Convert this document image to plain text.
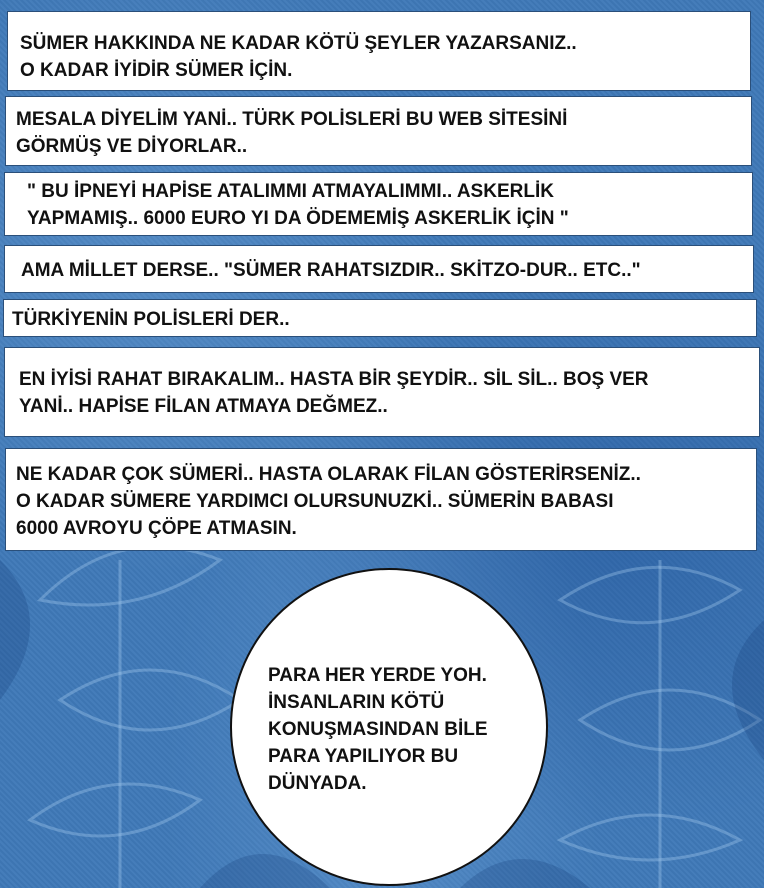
SÜMER HAKKINDA NE KADAR KÖTÜ ŞEYLER YAZARSANIZ..
O KADAR İYİDİR SÜMER İÇİN.
MESALA DİYELİM YANİ.. TÜRK POLİSLERİ BU WEB SİTESİNİ
GÖRMÜŞ VE DİYORLAR..
" BU İPNEYİ HAPİSE ATALIMMI ATMAYALIMMI.. ASKERLİK
YAPMAMIŞ.. 6000 EURO YI DA ÖDEMEMİŞ ASKERLİK İÇİN "
AMA MİLLET DERSE.. "SÜMER RAHATSIZDIR.. SKİTZO-DUR.. ETC.."
TÜRKİYENİN POLİSLERİ DER..
EN İYİSİ RAHAT BIRAKALIM.. HASTA BİR ŞEYDİR.. SİL SİL.. BOŞ VER
YANİ.. HAPİSE FİLAN ATMAYA DEĞMEZ..
NE KADAR ÇOK SÜMERİ.. HASTA OLARAK FİLAN GÖSTERİRSENİZ..
O KADAR SÜMERE YARDIMCI OLURSUNUZKİ.. SÜMERİN BABASI
6000 AVROYU ÇÖPE ATMASIN.
PARA HER YERDE YOH.
İNSANLARIN KÖTÜ
KONUŞMASINDAN BİLE
PARA YAPILIYOR BU
DÜNYADA.
